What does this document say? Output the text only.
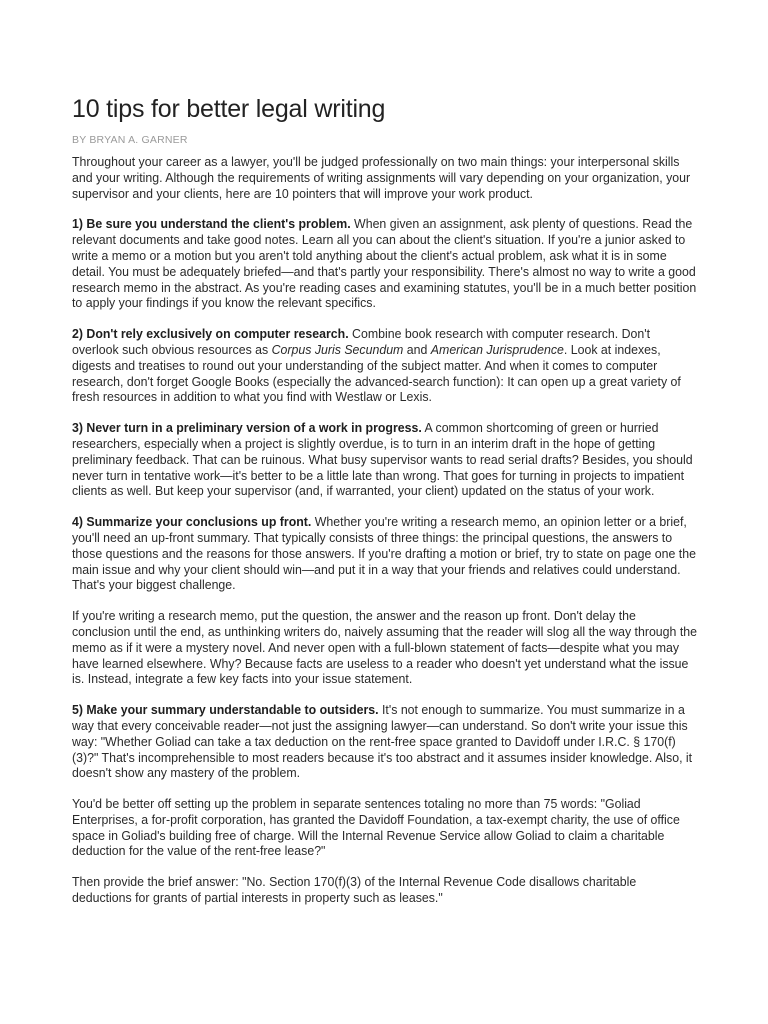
10 tips for better legal writing
BY BRYAN A. GARNER

Throughout your career as a lawyer, you'll be judged professionally on two main things: your interpersonal skills and your writing. Although the requirements of writing assignments will vary depending on your organization, your supervisor and your clients, here are 10 pointers that will improve your work product.

1) Be sure you understand the client's problem. When given an assignment, ask plenty of questions. Read the relevant documents and take good notes. Learn all you can about the client's situation. If you're a junior asked to write a memo or a motion but you aren't told anything about the client's actual problem, ask what it is in some detail. You must be adequately briefed—and that's partly your responsibility. There's almost no way to write a good research memo in the abstract. As you're reading cases and examining statutes, you'll be in a much better position to apply your findings if you know the relevant specifics.

2) Don't rely exclusively on computer research. Combine book research with computer research. Don't overlook such obvious resources as Corpus Juris Secundum and American Jurisprudence. Look at indexes, digests and treatises to round out your understanding of the subject matter. And when it comes to computer research, don't forget Google Books (especially the advanced-search function): It can open up a great variety of fresh resources in addition to what you find with Westlaw or Lexis.

3) Never turn in a preliminary version of a work in progress. A common shortcoming of green or hurried researchers, especially when a project is slightly overdue, is to turn in an interim draft in the hope of getting preliminary feedback. That can be ruinous. What busy supervisor wants to read serial drafts? Besides, you should never turn in tentative work—it's better to be a little late than wrong. That goes for turning in projects to impatient clients as well. But keep your supervisor (and, if warranted, your client) updated on the status of your work.

4) Summarize your conclusions up front. Whether you're writing a research memo, an opinion letter or a brief, you'll need an up-front summary. That typically consists of three things: the principal questions, the answers to those questions and the reasons for those answers. If you're drafting a motion or brief, try to state on page one the main issue and why your client should win—and put it in a way that your friends and relatives could understand. That's your biggest challenge.

If you're writing a research memo, put the question, the answer and the reason up front. Don't delay the conclusion until the end, as unthinking writers do, naively assuming that the reader will slog all the way through the memo as if it were a mystery novel. And never open with a full-blown statement of facts—despite what you may have learned elsewhere. Why? Because facts are useless to a reader who doesn't yet understand what the issue is. Instead, integrate a few key facts into your issue statement.

5) Make your summary understandable to outsiders. It's not enough to summarize. You must summarize in a way that every conceivable reader—not just the assigning lawyer—can understand. So don't write your issue this way: "Whether Goliad can take a tax deduction on the rent-free space granted to Davidoff under I.R.C. § 170(f)(3)?" That's incomprehensible to most readers because it's too abstract and it assumes insider knowledge. Also, it doesn't show any mastery of the problem.

You'd be better off setting up the problem in separate sentences totaling no more than 75 words: "Goliad Enterprises, a for-profit corporation, has granted the Davidoff Foundation, a tax-exempt charity, the use of office space in Goliad's building free of charge. Will the Internal Revenue Service allow Goliad to claim a charitable deduction for the value of the rent-free lease?"

Then provide the brief answer: "No. Section 170(f)(3) of the Internal Revenue Code disallows charitable deductions for grants of partial interests in property such as leases."
